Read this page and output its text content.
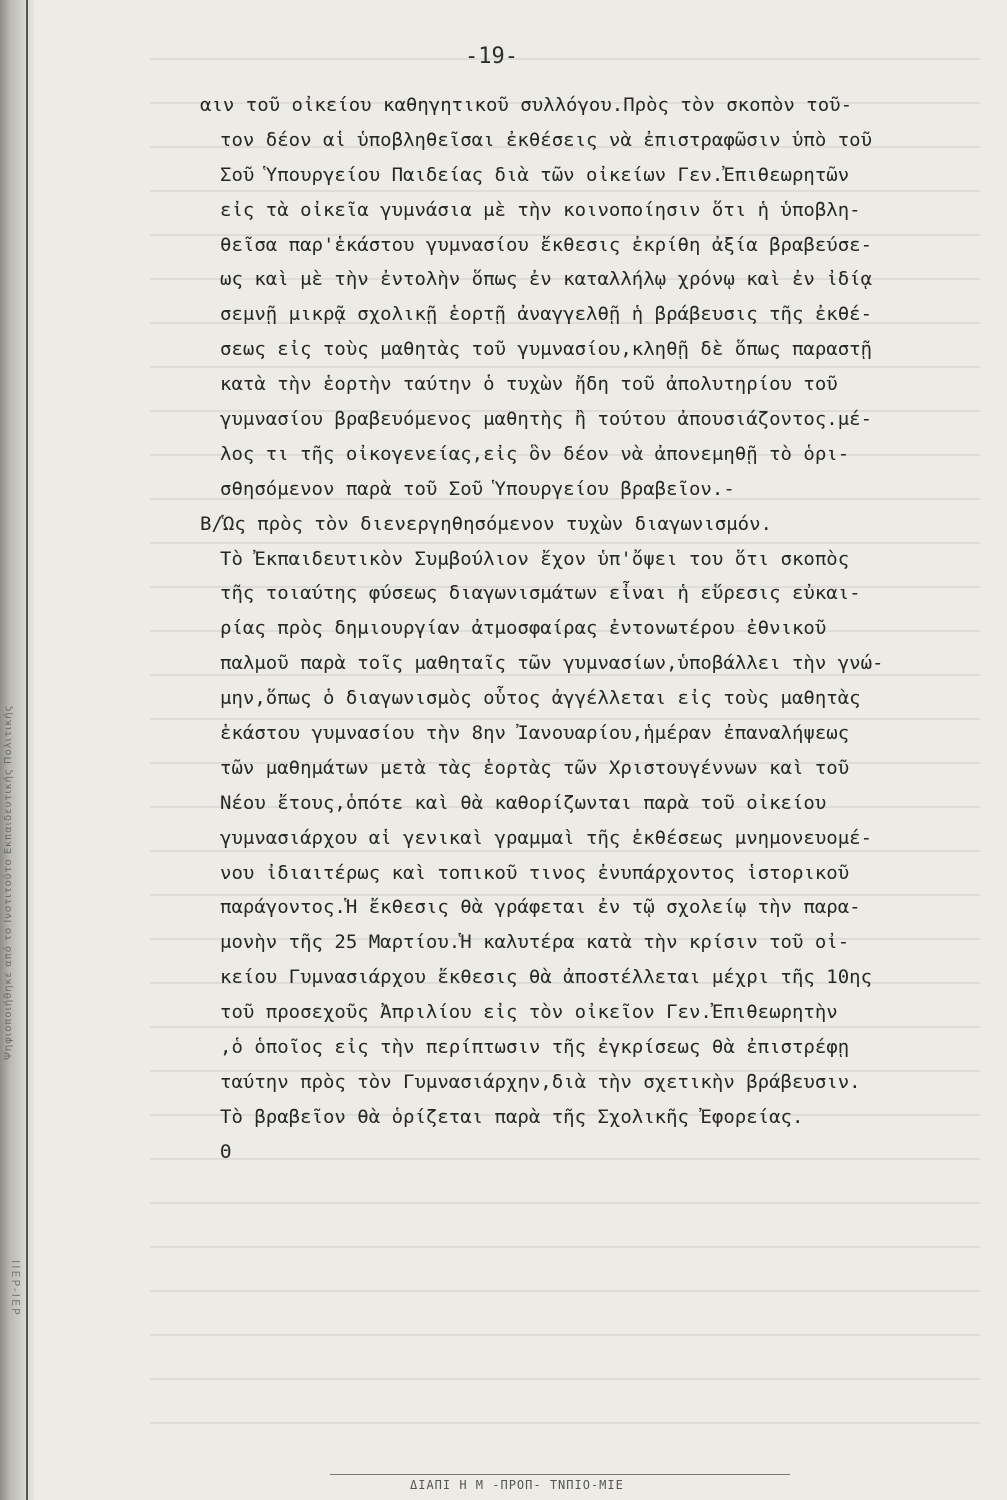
Ψηφιοποιήθηκε από το Ινστιτούτο Εκπαιδευτικής Πολιτικής
IIEP-IEP
-19-
αιν τοῦ οἰκείου καθηγητικοῦ συλλόγου.Πρὸς τὸν σκοπὸν τοῦ-
τον δέον αἱ ὑποβληθεῖσαι ἐκθέσεις νὰ ἐπιστραφῶσιν ὑπὸ τοῦ
Σοῦ Ὑπουργείου Παιδείας διὰ τῶν οἰκείων Γεν.Ἐπιθεωρητῶν
εἰς τὰ οἰκεῖα γυμνάσια μὲ τὴν κοινοποίησιν ὅτι ἡ ὑποβλη-
θεῖσα παρ'ἑκάστου γυμνασίου ἔκθεσις ἐκρίθη ἀξία βραβεύσε-
ως καὶ μὲ τὴν ἐντολὴν ὅπως ἐν καταλλήλῳ χρόνῳ καὶ ἐν ἰδίᾳ
σεμνῇ μικρᾷ σχολικῇ ἑορτῇ ἀναγγελθῇ ἡ βράβευσις τῆς ἐκθέ-
σεως εἰς τοὺς μαθητὰς τοῦ γυμνασίου,κληθῇ δὲ ὅπως παραστῇ
κατὰ τὴν ἑορτὴν ταύτην ὁ τυχὼν ἤδη τοῦ ἀπολυτηρίου τοῦ
γυμνασίου βραβευόμενος μαθητὴς ἢ τούτου ἀπουσιάζοντος.μέ-
λος τι τῆς οἰκογενείας,εἰς ὃν δέον νὰ ἀπονεμηθῇ τὸ ὁρι-
σθησόμενον παρὰ τοῦ Σοῦ Ὑπουργείου βραβεῖον.-
Β/Ὡς πρὸς τὸν διενεργηθησόμενον τυχὼν διαγωνισμόν.
Τὸ Ἐκπαιδευτικὸν Συμβούλιον ἔχον ὑπ'ὄψει του ὅτι σκοπὸς
τῆς τοιαύτης φύσεως διαγωνισμάτων εἶναι ἡ εὕρεσις εὐκαι-
ρίας πρὸς δημιουργίαν ἀτμοσφαίρας ἐντονωτέρου ἐθνικοῦ
παλμοῦ παρὰ τοῖς μαθηταῖς τῶν γυμνασίων,ὑποβάλλει τὴν γνώ-
μην,ὅπως ὁ διαγωνισμὸς οὗτος ἀγγέλλεται εἰς τοὺς μαθητὰς
ἑκάστου γυμνασίου τὴν 8ην Ἰανουαρίου,ἡμέραν ἐπαναλήψεως
τῶν μαθημάτων μετὰ τὰς ἑορτὰς τῶν Χριστουγέννων καὶ τοῦ
Νέου ἔτους,ὁπότε καὶ θὰ καθορίζωνται παρὰ τοῦ οἰκείου
γυμνασιάρχου αἱ γενικαὶ γραμμαὶ τῆς ἐκθέσεως μνημονευομέ-
νου ἰδιαιτέρως καὶ τοπικοῦ τινος ἐνυπάρχοντος ἱστορικοῦ
παράγοντος.Ἡ ἔκθεσις θὰ γράφεται ἐν τῷ σχολείῳ τὴν παρα-
μονὴν τῆς 25 Μαρτίου.Ἡ καλυτέρα κατὰ τὴν κρίσιν τοῦ οἰ-
κείου Γυμνασιάρχου ἔκθεσις θὰ ἀποστέλλεται μέχρι τῆς 10ης
τοῦ προσεχοῦς Ἀπριλίου εἰς τὸν οἰκεῖον Γεν.Ἐπιθεωρητὴν
,ὁ ὁποῖος εἰς τὴν περίπτωσιν τῆς ἐγκρίσεως θὰ ἐπιστρέφῃ
ταύτην πρὸς τὸν Γυμνασιάρχην,διὰ τὴν σχετικὴν βράβευσιν.
Τὸ βραβεῖον θὰ ὁρίζεται παρὰ τῆς Σχολικῆς Ἐφορείας.
Θ
ΔΙΑΠΙ Η Μ -ΠΡΟΠ- ΤΝΠΙΟ-ΜΙΕ
